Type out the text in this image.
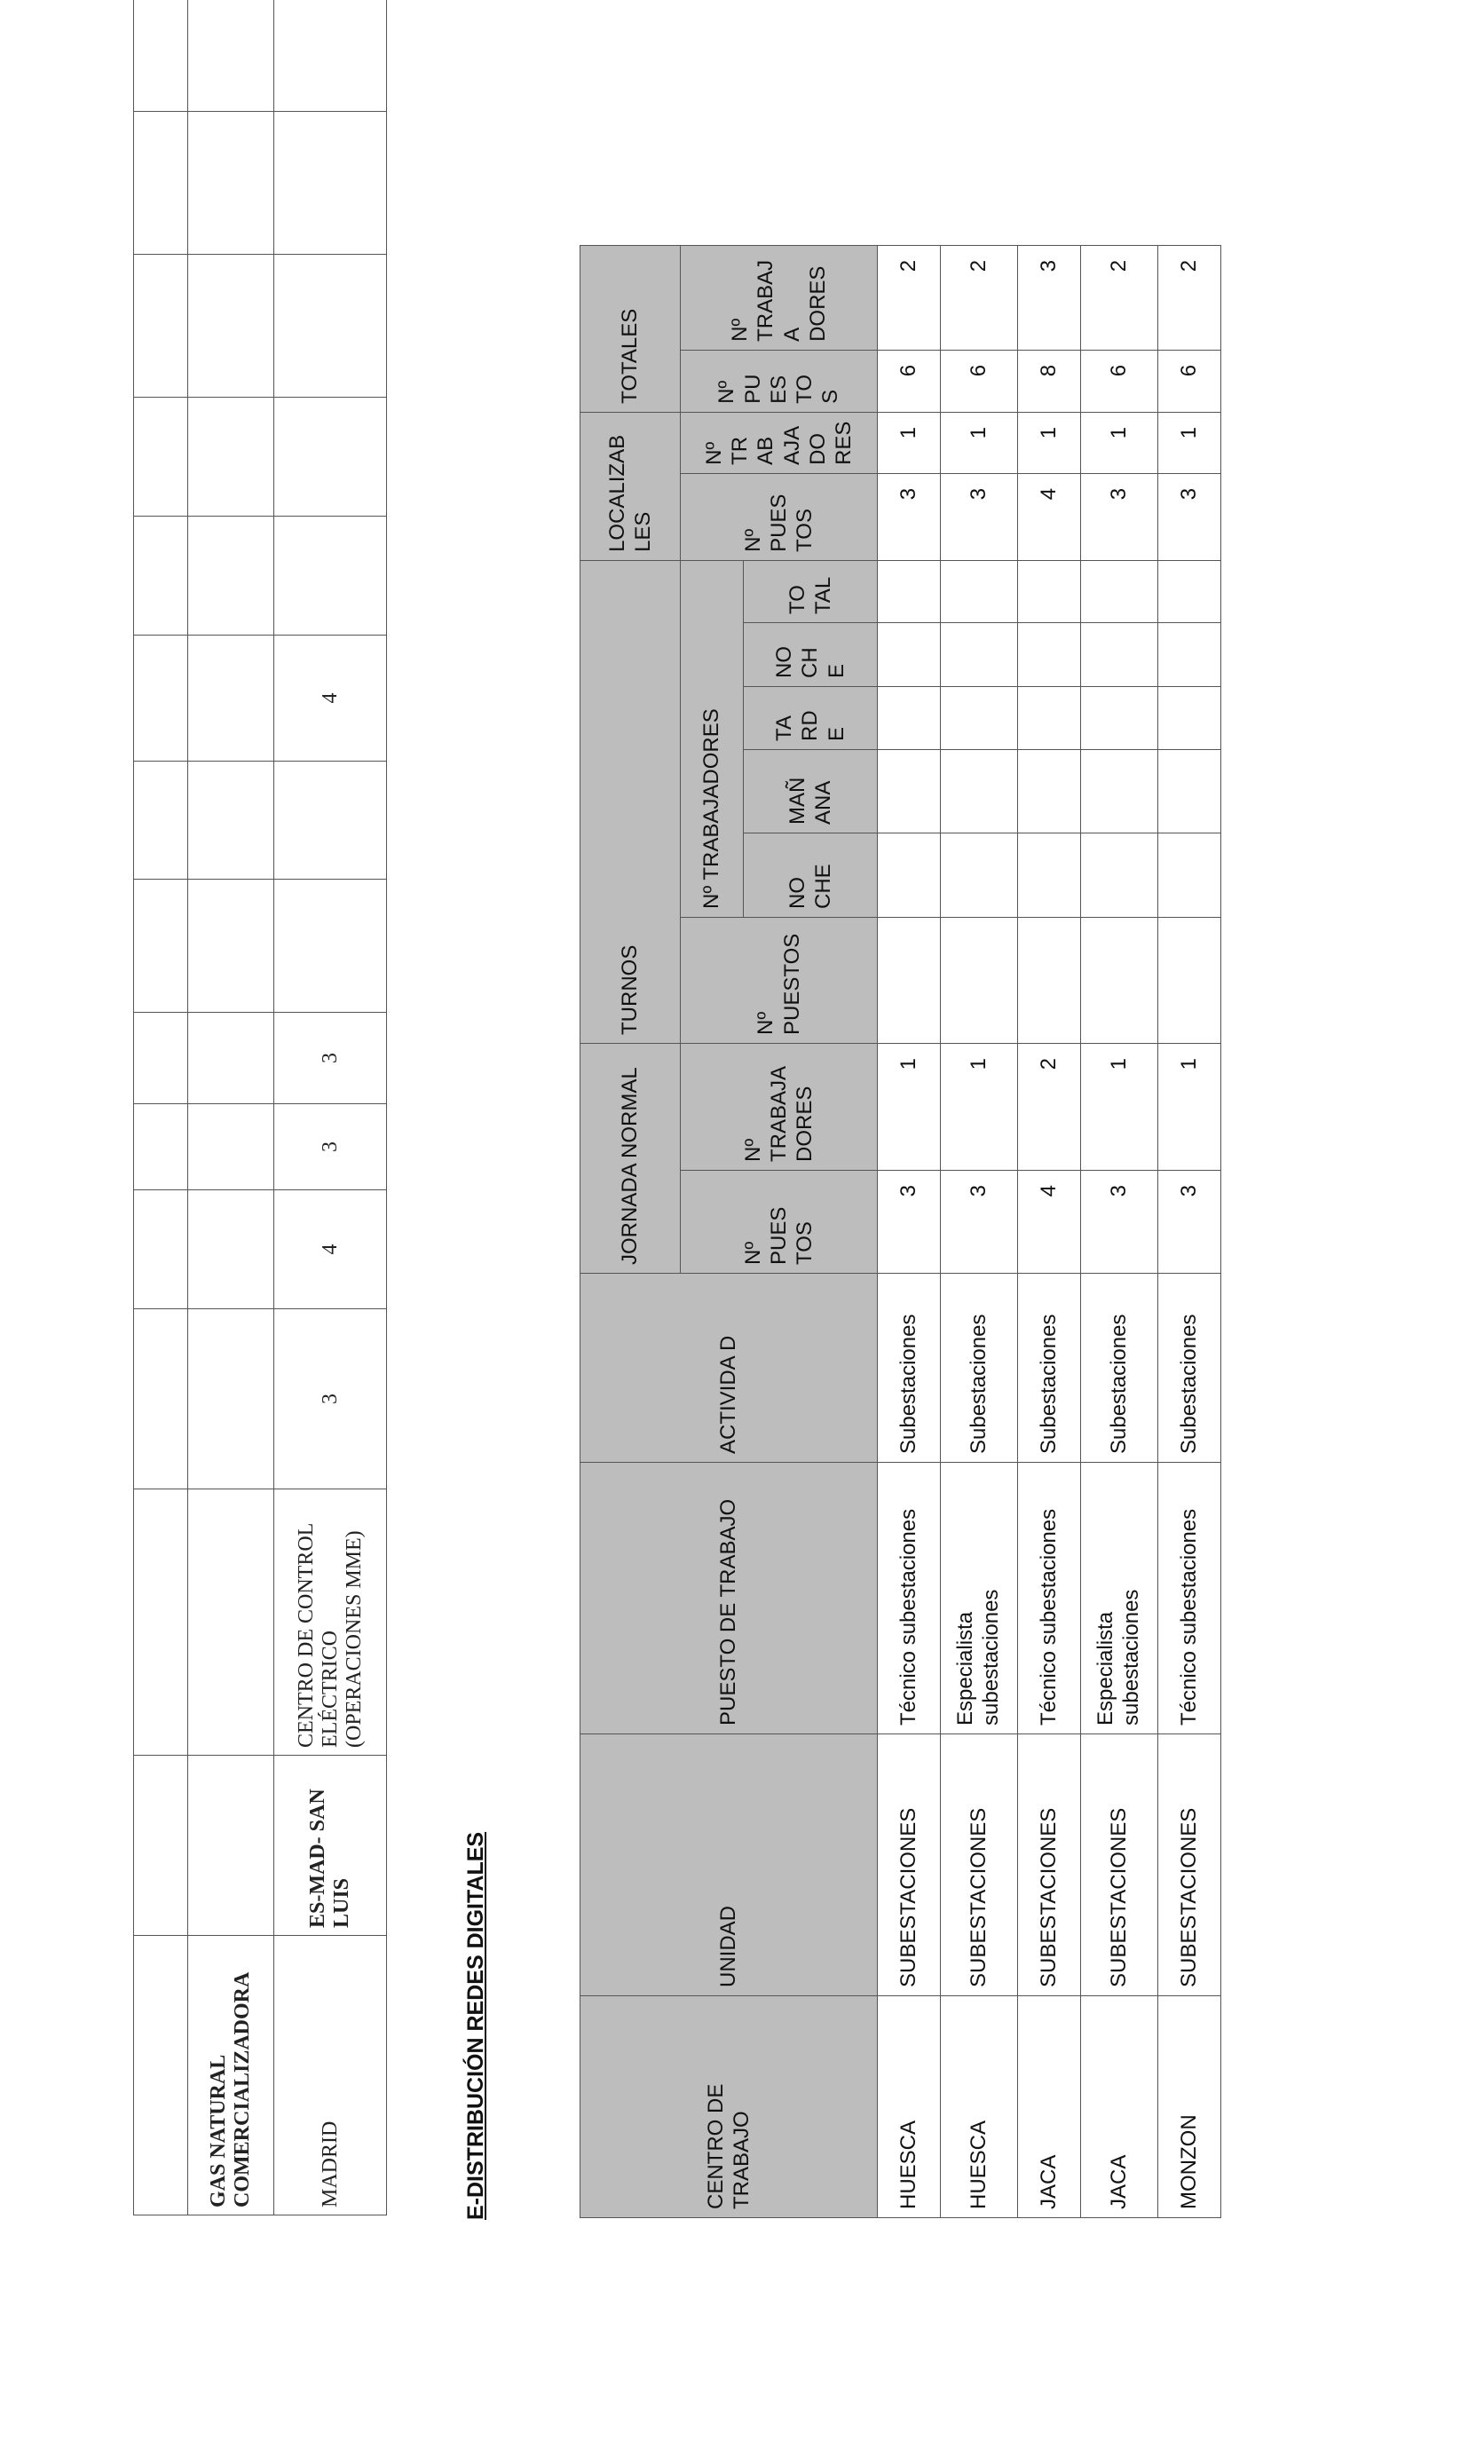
GAS NATURAL COMERCIALIZADORA														
MADRID	ES-MAD- SAN LUIS	CENTRO DE CONTROL ELÉCTRICO (OPERACIONES MME)	3	4	3	3			4					
E-DISTRIBUCIÓN REDES DIGITALES	CENTRO DE TRABAJO	UNIDAD	PUESTO DE TRABAJO	ACTIVIDA D	JORNADA NORMAL		TURNOS						LOCALIZAB LES		TOTALES	
				Nº PUES TOS	Nº TRABAJA DORES	Nº PUESTOS	Nº TRABAJADORES					Nº PUES TOS	Nº TR AB AJA DO RES	Nº PU ES TO S	Nº TRABAJ A DORES
							NO CHE	MAÑ ANA	TA RD E	NO CH E	TO TAL				
HUESCA	SUBESTACIONES	Técnico subestaciones	Subestaciones	3	1							3	1	6	2
HUESCA	SUBESTACIONES	Especialista subestaciones	Subestaciones	3	1							3	1	6	2
JACA	SUBESTACIONES	Técnico subestaciones	Subestaciones	4	2							4	1	8	3
JACA	SUBESTACIONES	Especialista subestaciones	Subestaciones	3	1							3	1	6	2
MONZON	SUBESTACIONES	Técnico subestaciones	Subestaciones	3	1							3	1	6	2
